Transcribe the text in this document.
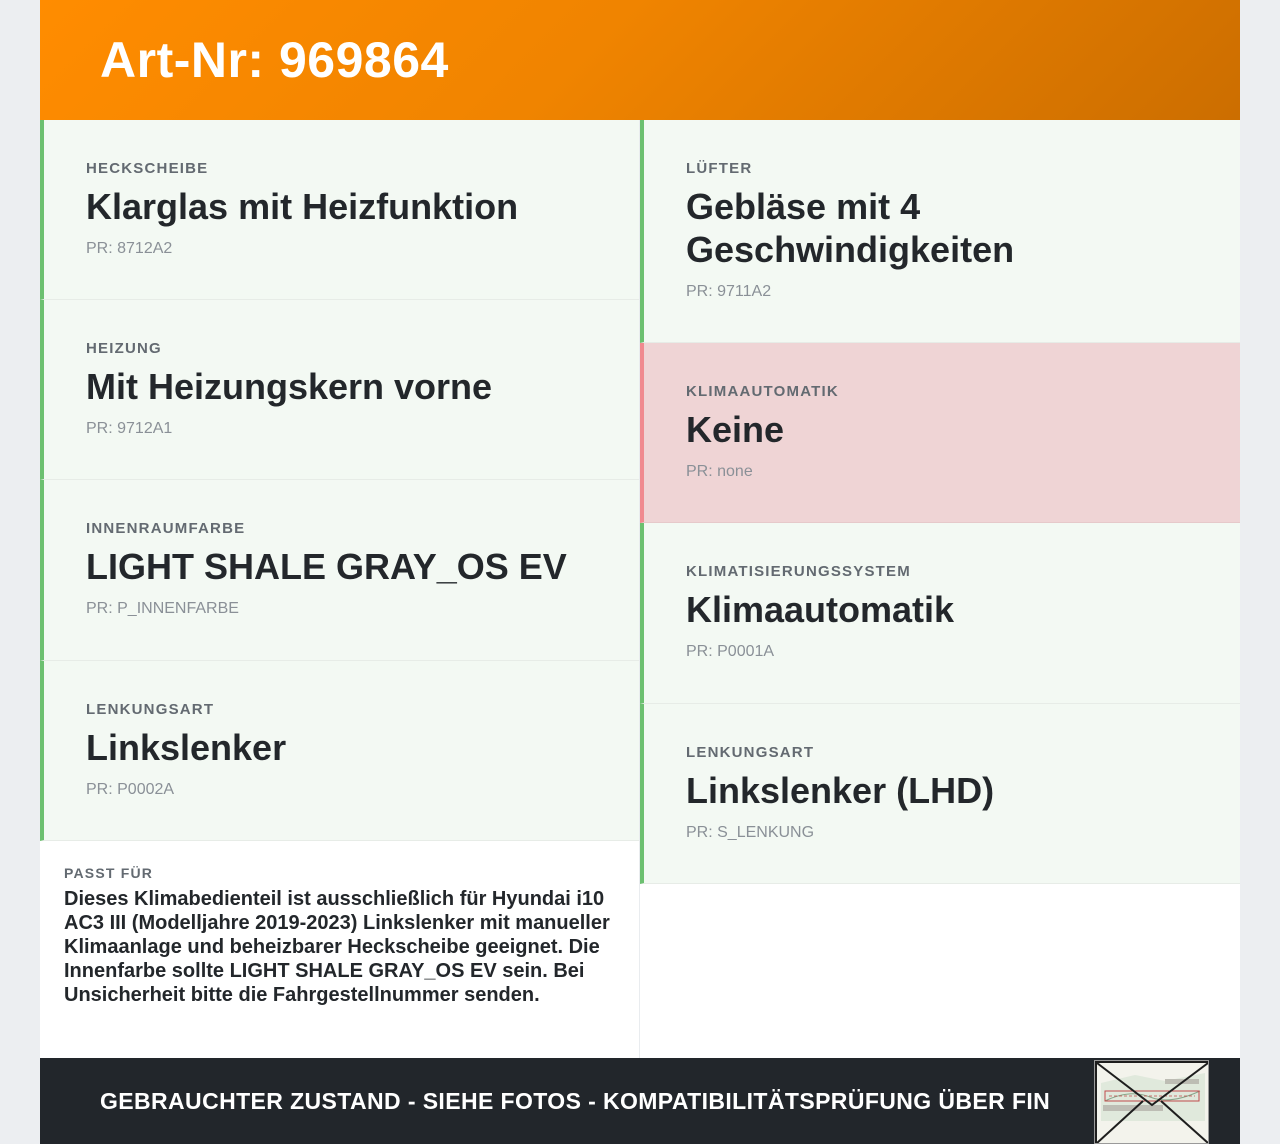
Art-Nr: 969864
HECKSCHEIBE
Klarglas mit Heizfunktion
PR: 8712A2
HEIZUNG
Mit Heizungskern vorne
PR: 9712A1
INNENRAUMFARBE
LIGHT SHALE GRAY_OS EV
PR: P_INNENFARBE
LENKUNGSART
Linkslenker
PR: P0002A
PASST FÜR
Dieses Klimabedienteil ist ausschließlich für Hyundai i10 AC3 III (Modelljahre 2019-2023) Linkslenker mit manueller Klimaanlage und beheizbarer Heckscheibe geeignet. Die Innenfarbe sollte LIGHT SHALE GRAY_OS EV sein. Bei Unsicherheit bitte die Fahrgestellnummer senden.
LÜFTER
Gebläse mit 4 Geschwindigkeiten
PR: 9711A2
KLIMAAUTOMATIK
Keine
PR: none
KLIMATISIERUNGSSYSTEM
Klimaautomatik
PR: P0001A
LENKUNGSART
Linkslenker (LHD)
PR: S_LENKUNG
GEBRAUCHTER ZUSTAND - SIEHE FOTOS - KOMPATIBILITÄTSPRÜFUNG ÜBER FIN
